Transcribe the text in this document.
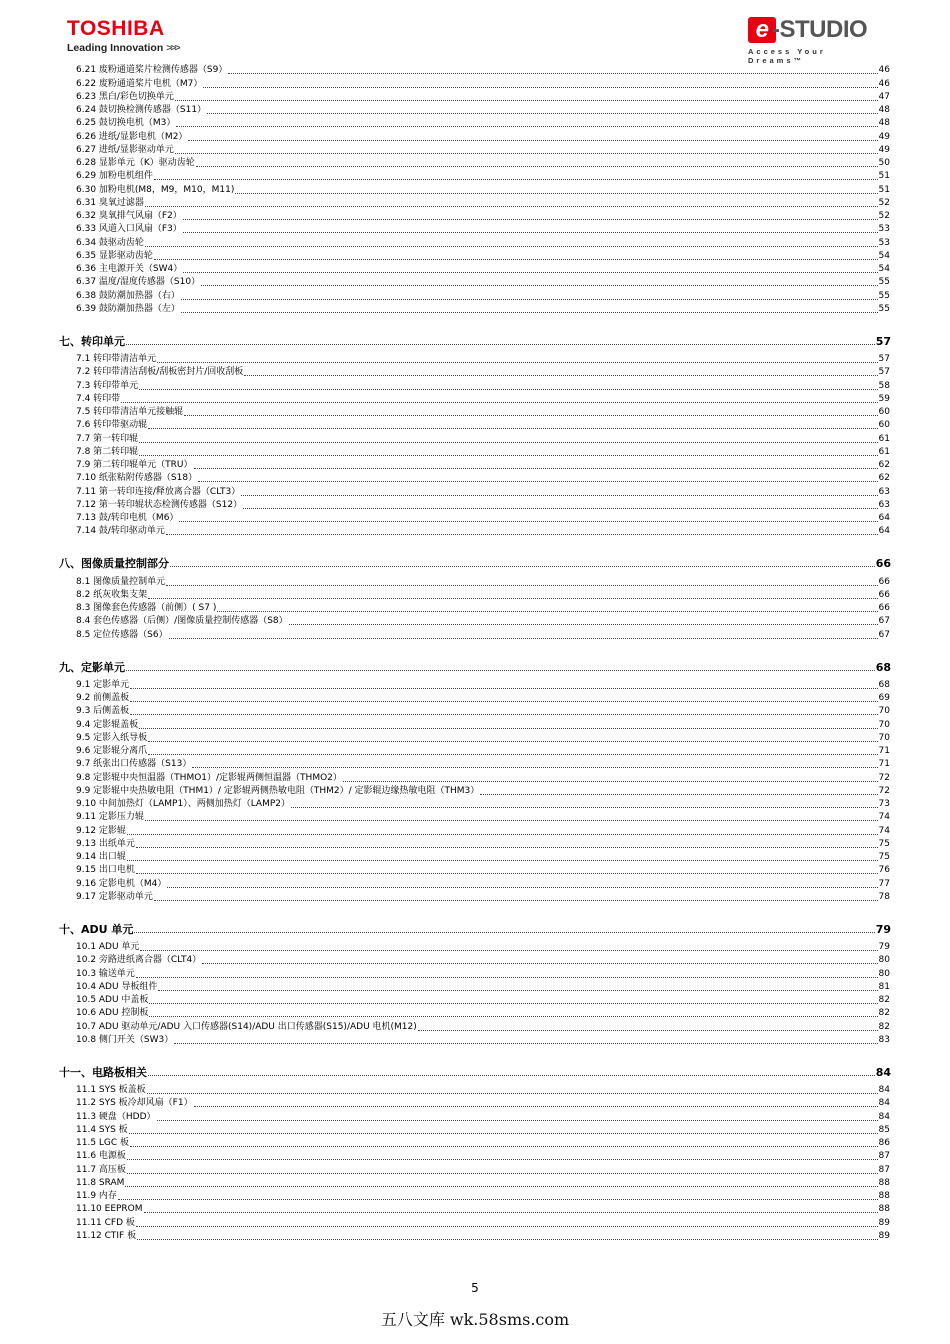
TOSHIBA
Leading Innovation >>>
e -STUDIO
Access Your Dreams™
6.21 废粉通道桨片检测传感器（S9）	46
6.22 废粉通道桨片电机（M7）	46
6.23 黑白/彩色切换单元	47
6.24 鼓切换检测传感器（S11）	48
6.25 鼓切换电机（M3）	48
6.26 进纸/显影电机（M2）	49
6.27 进纸/显影驱动单元	49
6.28 显影单元（K）驱动齿轮	50
6.29 加粉电机组件	51
6.30 加粉电机(M8，M9，M10，M11)	51
6.31 臭氧过滤器	52
6.32 臭氧排气风扇（F2）	52
6.33 风道入口风扇（F3）	53
6.34 鼓驱动齿轮	53
6.35 显影驱动齿轮	54
6.36 主电源开关（SW4）	54
6.37 温度/湿度传感器（S10）	55
6.38 鼓防潮加热器（右）	55
6.39 鼓防潮加热器（左）	55
七、转印单元	57
7.1 转印带清洁单元	57
7.2 转印带清洁刮板/刮板密封片/回收刮板	57
7.3 转印带单元	58
7.4 转印带	59
7.5 转印带清洁单元接触辊	60
7.6 转印带驱动辊	60
7.7 第一转印辊	61
7.8 第二转印辊	61
7.9 第二转印辊单元（TRU）	62
7.10 纸张粘附传感器（S18）	62
7.11 第一转印连接/释放离合器（CLT3）	63
7.12 第一转印辊状态检测传感器（S12）	63
7.13 鼓/转印电机（M6）	64
7.14 鼓/转印驱动单元	64
八、图像质量控制部分	66
8.1 图像质量控制单元	66
8.2 纸灰收集支架	66
8.3 图像套色传感器（前侧）( S7 )	66
8.4 套色传感器（后侧）/图像质量控制传感器（S8）	67
8.5 定位传感器（S6）	67
九、定影单元	68
9.1 定影单元	68
9.2 前侧盖板	69
9.3 后侧盖板	70
9.4 定影辊盖板	70
9.5 定影入纸导板	70
9.6 定影辊分离爪	71
9.7 纸张出口传感器（S13）	71
9.8 定影辊中央恒温器（THMO1）/定影辊两侧恒温器（THMO2）	72
9.9 定影辊中央热敏电阻（THM1）/ 定影辊两侧热敏电阻（THM2）/ 定影辊边缘热敏电阻（THM3）	72
9.10 中间加热灯（LAMP1）、两侧加热灯（LAMP2）	73
9.11 定影压力辊	74
9.12 定影辊	74
9.13 出纸单元	75
9.14 出口辊	75
9.15 出口电机	76
9.16 定影电机（M4）	77
9.17 定影驱动单元	78
十、ADU 单元	79
10.1 ADU 单元	79
10.2 旁路进纸离合器（CLT4）	80
10.3 输送单元	80
10.4 ADU 导板组件	81
10.5 ADU 中盖板	82
10.6 ADU 控制板	82
10.7 ADU 驱动单元/ADU 入口传感器(S14)/ADU 出口传感器(S15)/ADU 电机(M12)	82
10.8 侧门开关（SW3）	83
十一、电路板相关	84
11.1 SYS 板盖板	84
11.2 SYS 板冷却风扇（F1）	84
11.3 硬盘（HDD）	84
11.4 SYS 板	85
11.5 LGC 板	86
11.6 电源板	87
11.7 高压板	87
11.8 SRAM	88
11.9 内存	88
11.10 EEPROM	88
11.11 CFD 板	89
11.12 CTIF 板	89
5
五八文库 wk.58sms.com
